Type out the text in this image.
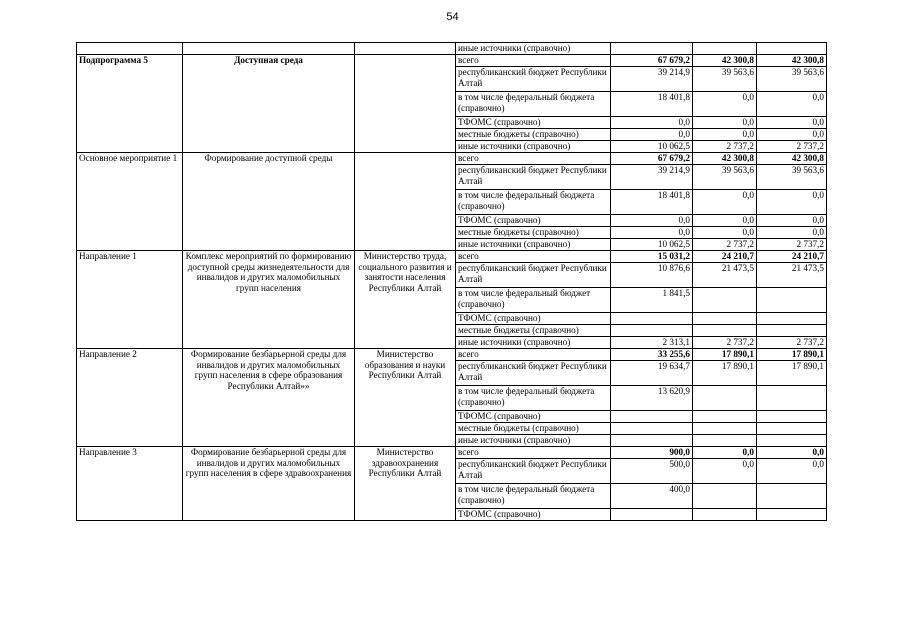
54
			иные источники (справочно)			
Подпрограмма 5	Доступная среда		всего	67 679,2	42 300,8	42 300,8
			республиканский бюджет Республики Алтай	39 214,9	39 563,6	39 563,6
			в том числе федеральный бюджета (справочно)	18 401,8	0,0	0,0
			ТФОМС (справочно)	0,0	0,0	0,0
			местные бюджеты (справочно)	0,0	0,0	0,0
			иные источники (справочно)	10 062,5	2 737,2	2 737,2
Основное мероприятие 1	Формирование доступной среды		всего	67 679,2	42 300,8	42 300,8
			республиканский бюджет Республики Алтай	39 214,9	39 563,6	39 563,6
			в том числе федеральный бюджета (справочно)	18 401,8	0,0	0,0
			ТФОМС (справочно)	0,0	0,0	0,0
			местные бюджеты (справочно)	0,0	0,0	0,0
			иные источники (справочно)	10 062,5	2 737,2	2 737,2
Направление 1	Комплекс мероприятий по формированию доступной среды жизнедеятельности для инвалидов и других маломобильных групп населения	Министерство труда, социального развития и занятости населения Республики Алтай	всего	15 031,2	24 210,7	24 210,7
			республиканский бюджет Республики Алтай	10 876,6	21 473,5	21 473,5
			в том числе федеральный бюджет (справочно)	1 841,5		
			ТФОМС (справочно)			
			местные бюджеты (справочно)			
			иные источники (справочно)	2 313,1	2 737,2	2 737,2
Направление 2	Формирование безбарьерной среды для инвалидов и других маломобильных групп населения в сфере образования Республики Алтай»»	Министерство образования и науки Республики Алтай	всего	33 255,6	17 890,1	17 890,1
			республиканский бюджет Республики Алтай	19 634,7	17 890,1	17 890,1
			в том числе федеральный бюджета (справочно)	13 620,9		
			ТФОМС (справочно)			
			местные бюджеты (справочно)			
			иные источники (справочно)			
Направление 3	Формирование безбарьерной среды для инвалидов и других маломобильных групп населения в сфере здравоохранения	Министерство здравоохранения Республики Алтай	всего	900,0	0,0	0,0
			республиканский бюджет Республики Алтай	500,0	0,0	0,0
			в том числе федеральный бюджета (справочно)	400,0		
			ТФОМС (справочно)			
